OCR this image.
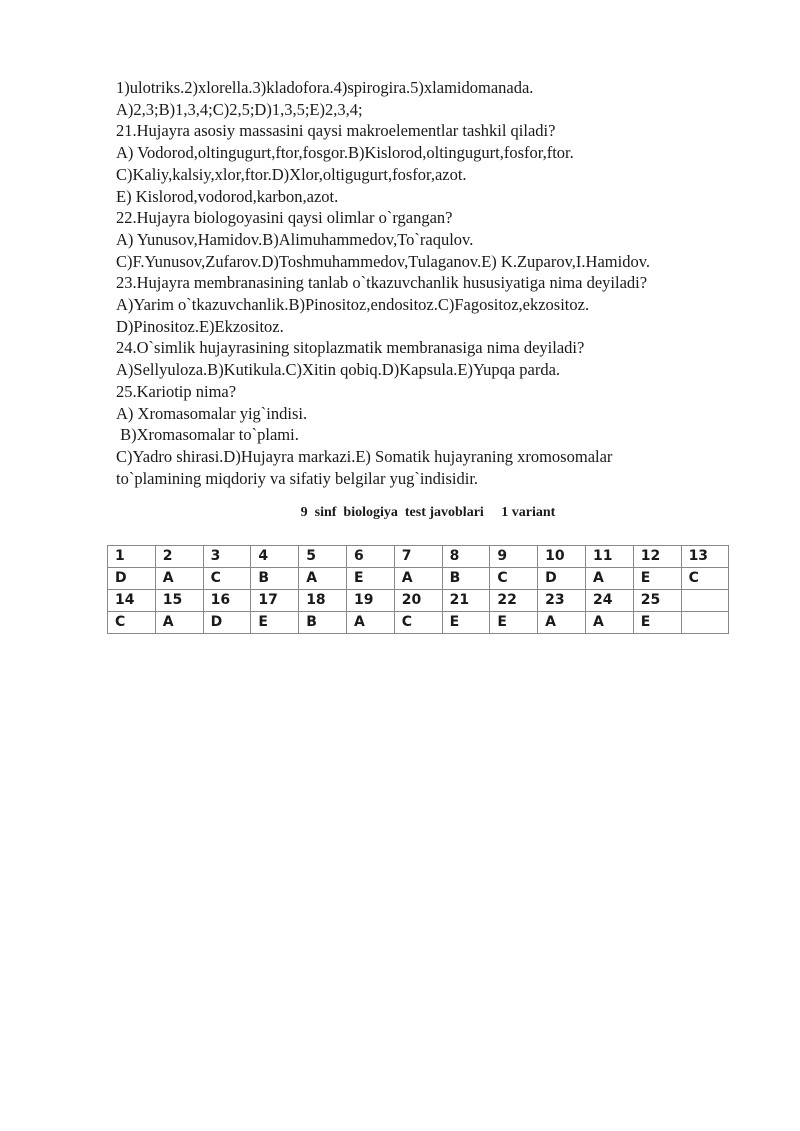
1)ulotriks.2)xlorella.3)kladofora.4)spirogira.5)xlamidomanada.
A)2,3;B)1,3,4;C)2,5;D)1,3,5;E)2,3,4;
21.Hujayra asosiy massasini qaysi makroelementlar tashkil qiladi?
A) Vodorod,oltingugurt,ftor,fosgor.B)Kislorod,oltingugurt,fosfor,ftor.
C)Kaliy,kalsiy,xlor,ftor.D)Xlor,oltigugurt,fosfor,azot.
E) Kislorod,vodorod,karbon,azot.
22.Hujayra biologoyasini qaysi olimlar o`rgangan?
A) Yunusov,Hamidov.B)Alimuhammedov,To`raqulov.
C)F.Yunusov,Zufarov.D)Toshmuhammedov,Tulaganov.E) K.Zuparov,I.Hamidov.
23.Hujayra membranasining tanlab o`tkazuvchanlik hususiyatiga nima deyiladi?
A)Yarim o`tkazuvchanlik.B)Pinositoz,endositoz.C)Fagositoz,ekzositoz.
D)Pinositoz.E)Ekzositoz.
24.O`simlik hujayrasining sitoplazmatik membranasiga nima deyiladi?
A)Sellyuloza.B)Kutikula.C)Xitin qobiq.D)Kapsula.E)Yupqa parda.
25.Kariotip nima?
A) Xromasomalar yig`indisi.
B)Xromasomalar to`plami.
C)Yadro shirasi.D)Hujayra markazi.E) Somatik hujayraning xromosomalar
to`plamining miqdoriy va sifatiy belgilar yug`indisidir.
9  sinf  biologiya  test javoblari     1 variant
1	2	3	4	5	6	7	8	9	10	11	12	13
D	A	C	B	A	E	A	B	C	D	A	E	C
14	15	16	17	18	19	20	21	22	23	24	25	
C	A	D	E	B	A	C	E	E	A	A	E	
